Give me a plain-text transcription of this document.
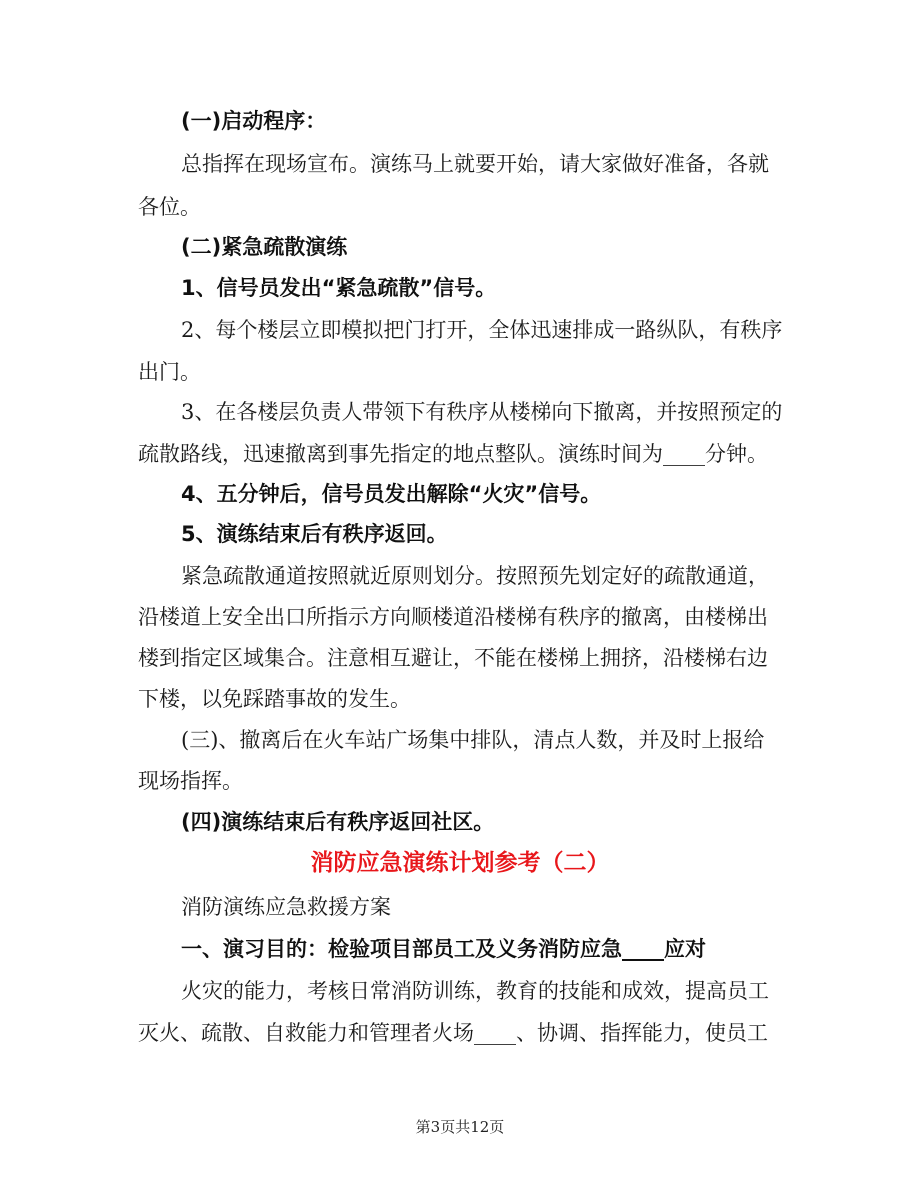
(一)启动程序：
总指挥在现场宣布。演练马上就要开始，请大家做好准备，各就
各位。
(二)紧急疏散演练
1、信号员发出“紧急疏散”信号。
2、每个楼层立即模拟把门打开，全体迅速排成一路纵队，有秩序
出门。
3、在各楼层负责人带领下有秩序从楼梯向下撤离，并按照预定的
疏散路线，迅速撤离到事先指定的地点整队。演练时间为____分钟。
4、五分钟后，信号员发出解除“火灾”信号。
5、演练结束后有秩序返回。
紧急疏散通道按照就近原则划分。按照预先划定好的疏散通道，
沿楼道上安全出口所指示方向顺楼道沿楼梯有秩序的撤离，由楼梯出
楼到指定区域集合。注意相互避让，不能在楼梯上拥挤，沿楼梯右边
下楼，以免踩踏事故的发生。
(三)、撤离后在火车站广场集中排队，清点人数，并及时上报给
现场指挥。
(四)演练结束后有秩序返回社区。
消防应急演练计划参考（二）
消防演练应急救援方案
一、演习目的：检验项目部员工及义务消防应急____应对
火灾的能力，考核日常消防训练，教育的技能和成效，提高员工
灭火、疏散、自救能力和管理者火场____、协调、指挥能力，使员工
第3页共12页
